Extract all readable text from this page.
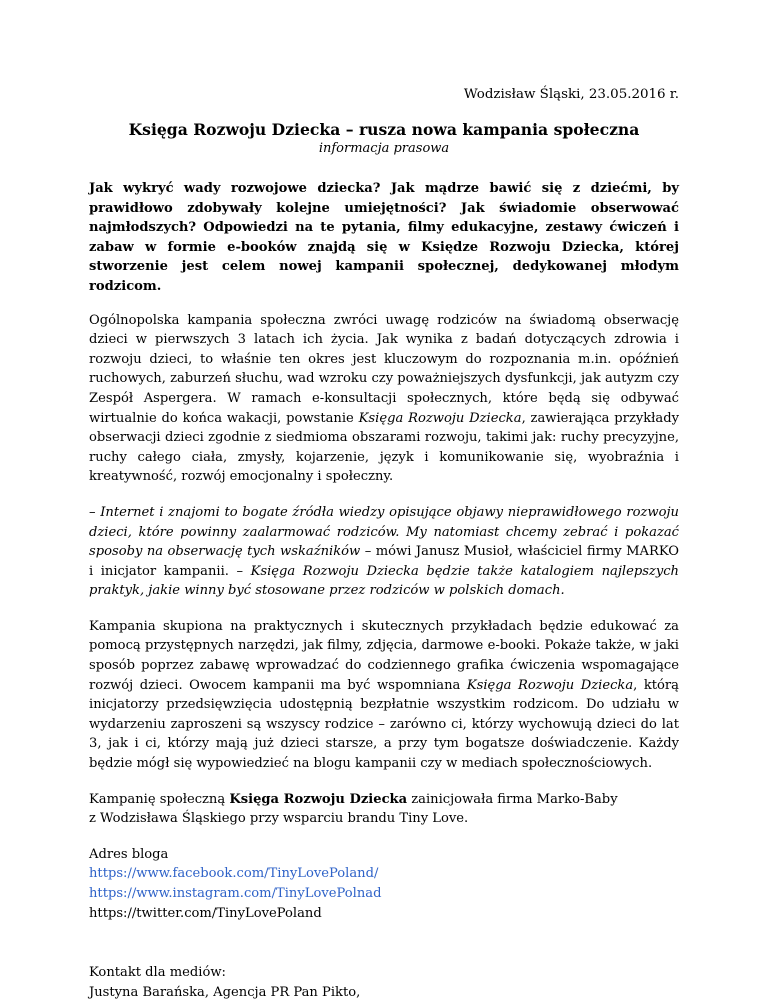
Wodzisław Śląski, 23.05.2016 r.

Księga Rozwoju Dziecka – rusza nowa kampania społeczna

informacja prasowa

Jak wykryć wady rozwojowe dziecka? Jak mądrze bawić się z dziećmi, by prawidłowo zdobywały kolejne umiejętności? Jak świadomie obserwować najmłodszych? Odpowiedzi na te pytania, filmy edukacyjne, zestawy ćwiczeń i zabaw w formie e-booków znajdą się w Księdze Rozwoju Dziecka, której stworzenie jest celem nowej kampanii społecznej, dedykowanej młodym rodzicom.

Ogólnopolska kampania społeczna zwróci uwagę rodziców na świadomą obserwację dzieci w pierwszych 3 latach ich życia. Jak wynika z badań dotyczących zdrowia i rozwoju dzieci, to właśnie ten okres jest kluczowym do rozpoznania m.in. opóźnień ruchowych, zaburzeń słuchu, wad wzroku czy poważniejszych dysfunkcji, jak autyzm czy Zespół Aspergera. W ramach e-konsultacji społecznych, które będą się odbywać wirtualnie do końca wakacji, powstanie Księga Rozwoju Dziecka, zawierająca przykłady obserwacji dzieci zgodnie z siedmioma obszarami rozwoju, takimi jak: ruchy precyzyjne, ruchy całego ciała, zmysły, kojarzenie, język i komunikowanie się, wyobraźnia i kreatywność, rozwój emocjonalny i społeczny.

– Internet i znajomi to bogate źródła wiedzy opisujące objawy nieprawidłowego rozwoju dzieci, które powinny zaalarmować rodziców. My natomiast chcemy zebrać i pokazać sposoby na obserwację tych wskaźników – mówi Janusz Musioł, właściciel firmy MARKO i inicjator kampanii. – Księga Rozwoju Dziecka będzie także katalogiem najlepszych praktyk, jakie winny być stosowane przez rodziców w polskich domach.

Kampania skupiona na praktycznych i skutecznych przykładach będzie edukować za pomocą przystępnych narzędzi, jak filmy, zdjęcia, darmowe e-booki. Pokaże także, w jaki sposób poprzez zabawę wprowadzać do codziennego grafika ćwiczenia wspomagające rozwój dzieci. Owocem kampanii ma być wspomniana Księga Rozwoju Dziecka, którą inicjatorzy przedsięwzięcia udostępnią bezpłatnie wszystkim rodzicom. Do udziału w wydarzeniu zaproszeni są wszyscy rodzice – zarówno ci, którzy wychowują dzieci do lat 3, jak i ci, którzy mają już dzieci starsze, a przy tym bogatsze doświadczenie. Każdy będzie mógł się wypowiedzieć na blogu kampanii czy w mediach społecznościowych.

Kampanię społeczną Księga Rozwoju Dziecka zainicjowała firma Marko-Baby
z Wodzisława Śląskiego przy wsparciu brandu Tiny Love.

Adres bloga
https://www.facebook.com/TinyLovePoland/
https://www.instagram.com/TinyLovePolnad
https://twitter.com/TinyLovePoland

Kontakt dla mediów:
Justyna Barańska, Agencja PR Pan Pikto,
